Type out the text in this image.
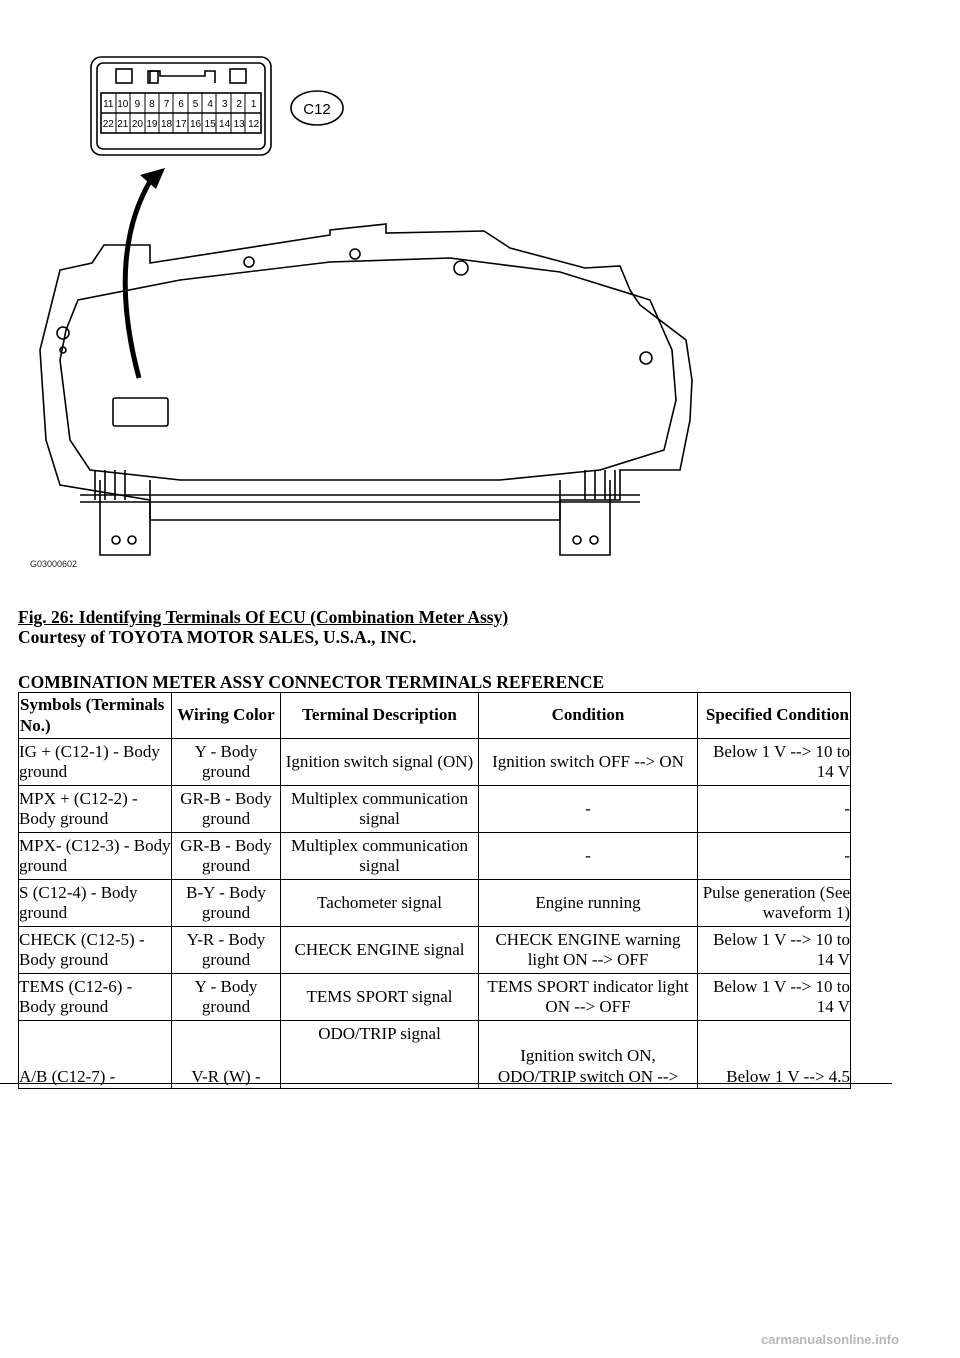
C12
11 10 9 8 7 6 5 4 3 2 1
22 21 20 19 18 17 16 15 14 13 12
G03000602
Fig. 26: Identifying Terminals Of ECU (Combination Meter Assy)
Courtesy of TOYOTA MOTOR SALES, U.S.A., INC.
COMBINATION METER ASSY CONNECTOR TERMINALS REFERENCE
Symbols (Terminals No.)	Wiring Color	Terminal Description	Condition	Specified Condition
IG + (C12-1) - Body ground	Y - Body ground	Ignition switch signal (ON)	Ignition switch OFF --> ON	Below 1 V --> 10 to 14 V
MPX + (C12-2) - Body ground	GR-B - Body ground	Multiplex communication signal	-	-
MPX- (C12-3) - Body ground	GR-B - Body ground	Multiplex communication signal	-	-
S (C12-4) - Body ground	B-Y - Body ground	Tachometer signal	Engine running	Pulse generation (See waveform 1)
CHECK (C12-5) - Body ground	Y-R - Body ground	CHECK ENGINE signal	CHECK ENGINE warning light ON --> OFF	Below 1 V --> 10 to 14 V
TEMS (C12-6) - Body ground	Y - Body ground	TEMS SPORT signal	TEMS SPORT indicator light ON --> OFF	Below 1 V --> 10 to 14 V
A/B (C12-7) -	V-R (W) -	ODO/TRIP signal	Ignition switch ON, ODO/TRIP switch ON -->	Below 1 V --> 4.5
carmanualsonline.info
